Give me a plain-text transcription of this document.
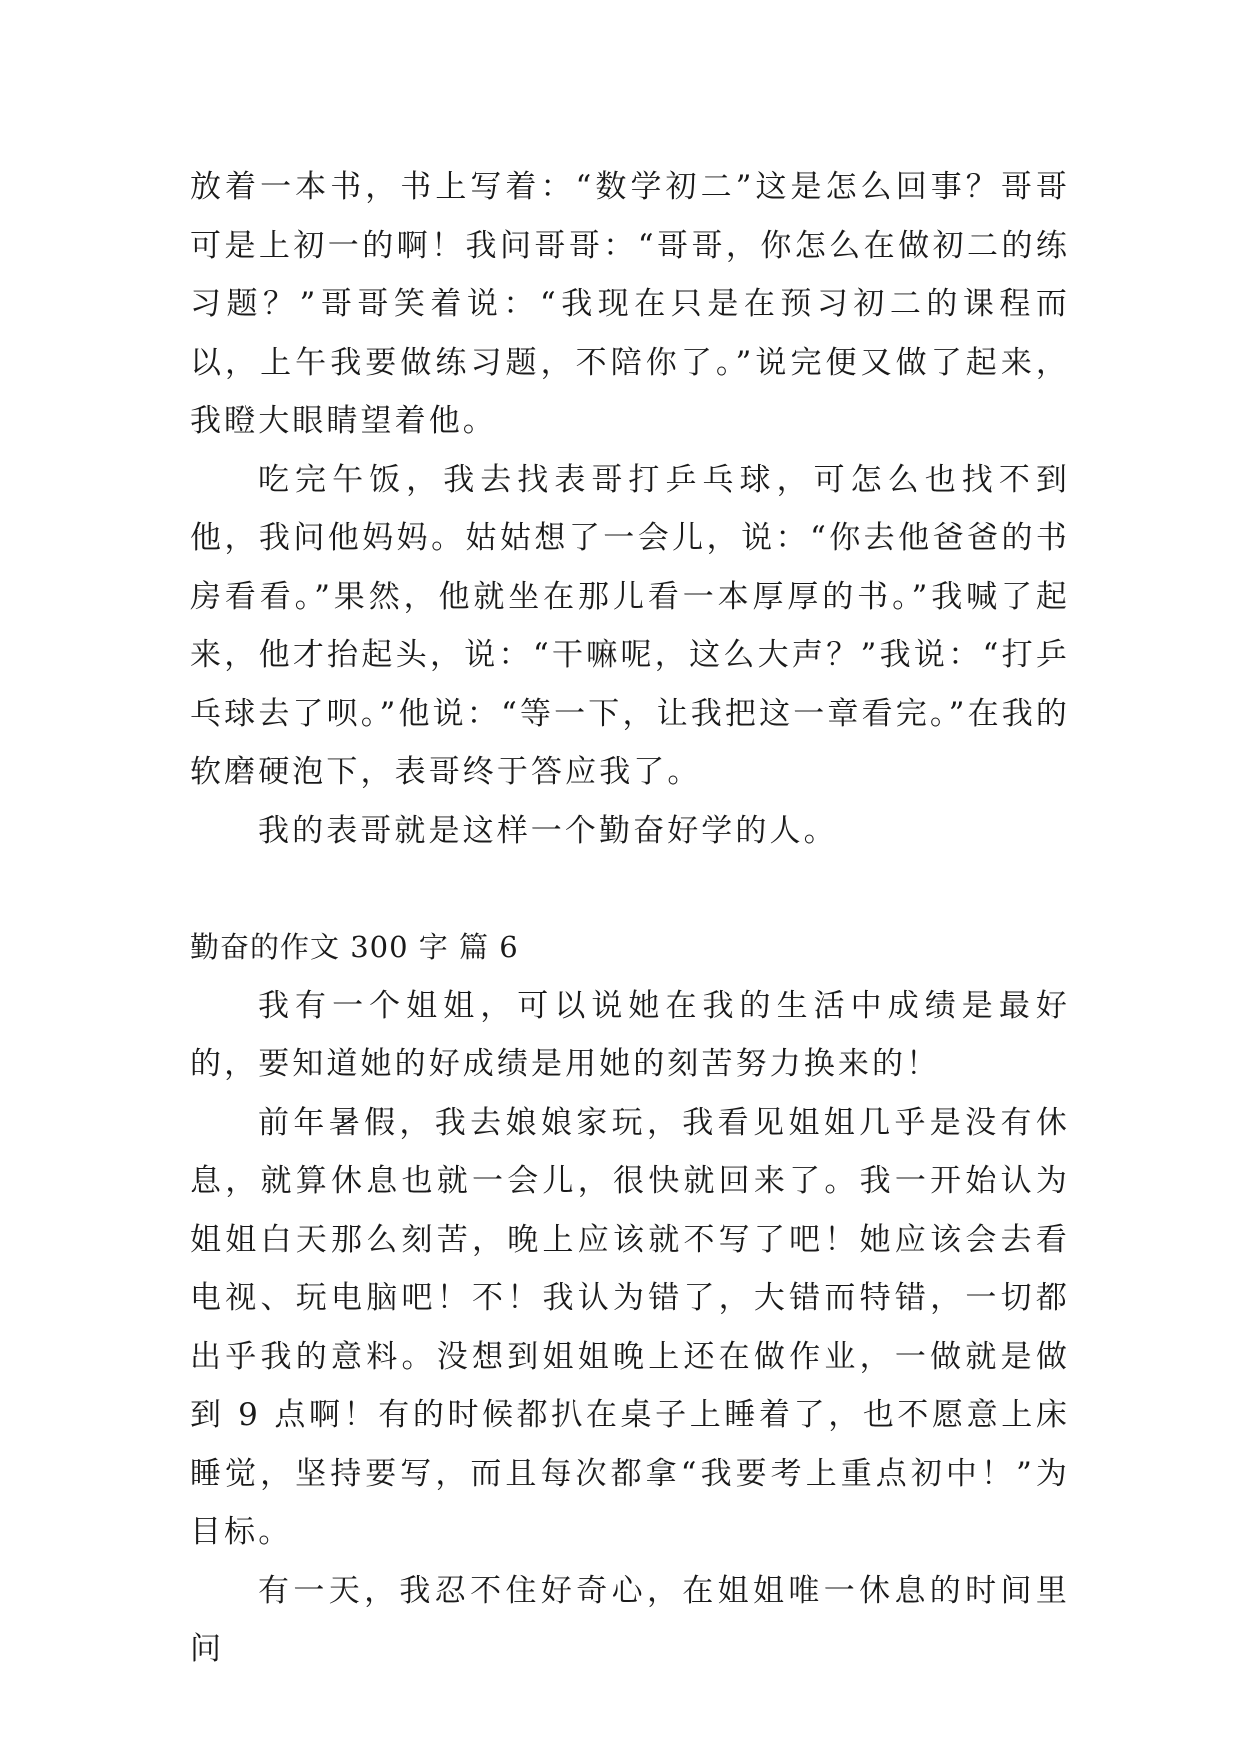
放着一本书，书上写着：“数学初二”这是怎么回事？哥哥可是上初一的啊！我问哥哥：“哥哥，你怎么在做初二的练习题？”哥哥笑着说：“我现在只是在预习初二的课程而以，上午我要做练习题，不陪你了。”说完便又做了起来，我瞪大眼睛望着他。

吃完午饭，我去找表哥打乒乓球，可怎么也找不到他，我问他妈妈。姑姑想了一会儿，说：“你去他爸爸的书房看看。”果然，他就坐在那儿看一本厚厚的书。”我喊了起来，他才抬起头，说：“干嘛呢，这么大声？”我说：“打乒乓球去了呗。”他说：“等一下，让我把这一章看完。”在我的软磨硬泡下，表哥终于答应我了。

我的表哥就是这样一个勤奋好学的人。

勤奋的作文 300 字 篇 6

我有一个姐姐，可以说她在我的生活中成绩是最好的，要知道她的好成绩是用她的刻苦努力换来的！

前年暑假，我去娘娘家玩，我看见姐姐几乎是没有休息，就算休息也就一会儿，很快就回来了。我一开始认为姐姐白天那么刻苦，晚上应该就不写了吧！她应该会去看电视、玩电脑吧！不！我认为错了，大错而特错，一切都出乎我的意料。没想到姐姐晚上还在做作业，一做就是做到 9 点啊！有的时候都扒在桌子上睡着了，也不愿意上床睡觉，坚持要写，而且每次都拿“我要考上重点初中！”为目标。

有一天，我忍不住好奇心，在姐姐唯一休息的时间里问
